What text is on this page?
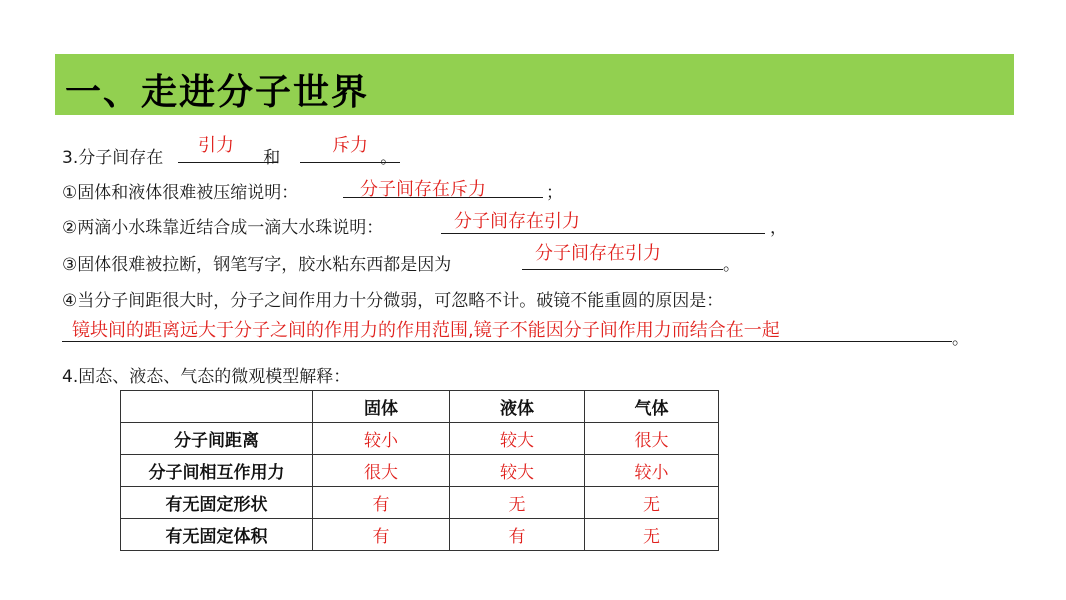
一、走进分子世界
3.分子间存在	和	。
引力	斥力
①固体和液体很难被压缩说明：	分子间存在斥力	；
②两滴小水珠靠近结合成一滴大水珠说明：	分子间存在引力	，
③固体很难被拉断，钢笔写字，胶水粘东西都是因为
分子间存在引力
。
④当分子间距很大时，分子之间作用力十分微弱，可忽略不计。破镜不能重圆的原因是：
镜块间的距离远大于分子之间的作用力的作用范围,镜子不能因分子间作用力而结合在一起	。
4.固态、液态、气态的微观模型解释：
	固体	液体	气体
分子间距离	较小	较大	很大
分子间相互作用力	很大	较大	较小
有无固定形状	有	无	无
有无固定体积	有	有	无
